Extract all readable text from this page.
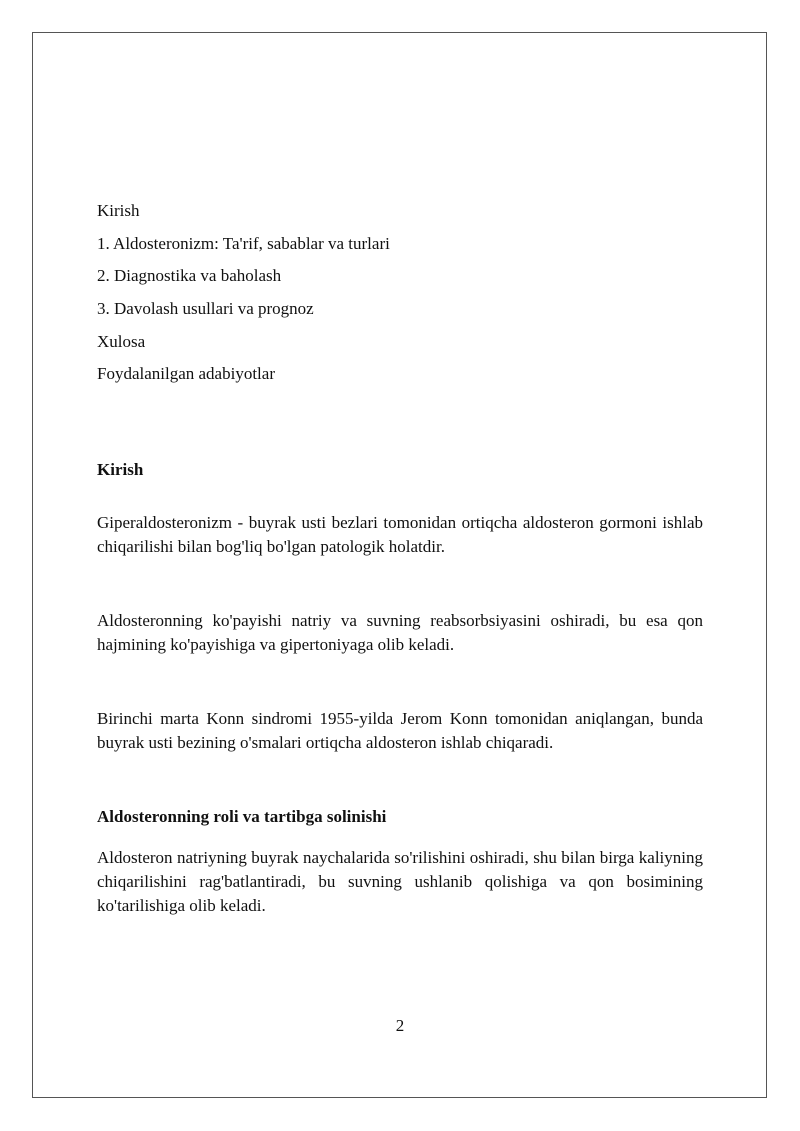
Kirish
1. Aldosteronizm: Ta'rif, sabablar va turlari
2. Diagnostika va baholash
3. Davolash usullari va prognoz
Xulosa
Foydalanilgan adabiyotlar
Kirish

Giperaldosteronizm - buyrak usti bezlari tomonidan ortiqcha aldosteron gormoni ishlab chiqarilishi bilan bog'liq bo'lgan patologik holatdir.

Aldosteronning ko'payishi natriy va suvning reabsorbsiyasini oshiradi, bu esa qon hajmining ko'payishiga va gipertoniyaga olib keladi.

Birinchi marta Konn sindromi 1955-yilda Jerom Konn tomonidan aniqlangan, bunda buyrak usti bezining o'smalari ortiqcha aldosteron ishlab chiqaradi.

Aldosteronning roli va tartibga solinishi

Aldosteron natriyning buyrak naychalarida so'rilishini oshiradi, shu bilan birga kaliyning chiqarilishini rag'batlantiradi, bu suvning ushlanib qolishiga va qon bosimining ko'tarilishiga olib keladi.

2
